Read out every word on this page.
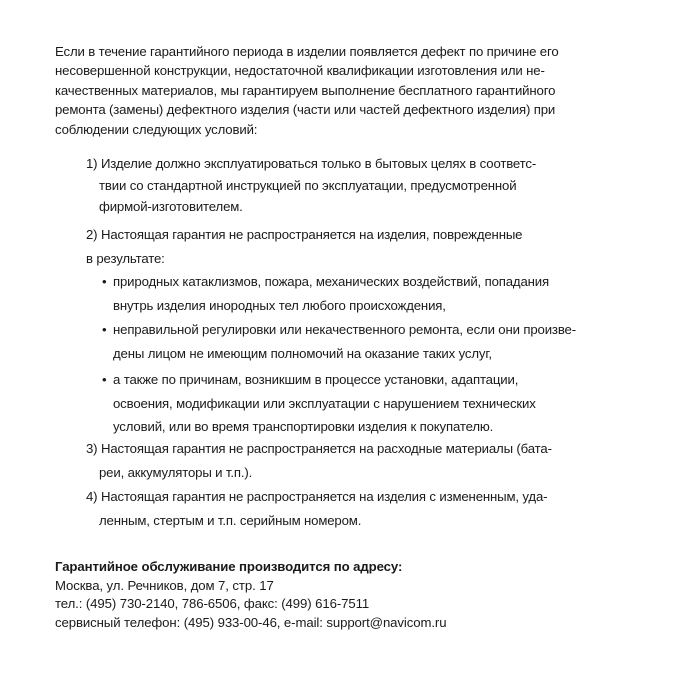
Если в течение гарантийного периода в изделии появляется дефект по причине его
несовершенной конструкции, недостаточной квалификации изготовления или не-
качественных материалов, мы гарантируем выполнение бесплатного гарантийного
ремонта (замены) дефектного изделия (части или частей дефектного изделия) при
соблюдении следующих условий:
1) Изделие должно эксплуатироваться только в бытовых целях в соответс-
твии со стандартной инструкцией по эксплуатации, предусмотренной
фирмой-изготовителем.
2) Настоящая гарантия не распространяется на изделия, поврежденные
в результате:
• природных катаклизмов, пожара, механических воздействий, попадания
внутрь изделия инородных тел любого происхождения,
• неправильной регулировки или некачественного ремонта, если они произве-
дены лицом не имеющим полномочий на оказание таких услуг,
• а также по причинам, возникшим в процессе установки, адаптации,
освоения, модификации или эксплуатации с нарушением технических
условий, или во время транспортировки изделия к покупателю.
3) Настоящая гарантия не распространяется на расходные материалы (бата-
реи, аккумуляторы и т.п.).
4) Настоящая гарантия не распространяется на изделия с измененным, уда-
ленным, стертым и т.п. серийным номером.
Гарантийное обслуживание производится по адресу:
Москва, ул. Речников, дом 7, стр. 17
тел.: (495) 730-2140, 786-6506, факс: (499) 616-7511
сервисный телефон: (495) 933-00-46, e-mail: support@navicom.ru
